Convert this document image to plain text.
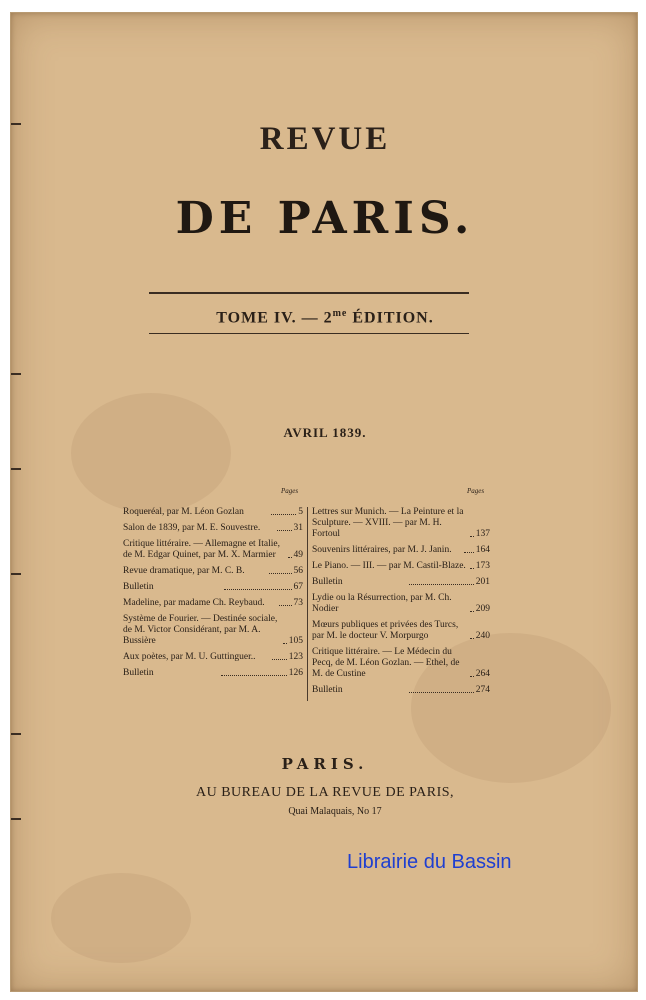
REVUE
DE PARIS.
TOME IV. — $2^{me}$ ÉDITION.
AVRIL 1839.
Pages	Pages
Roqueréal, par M. Léon Gozlan	5
Salon de 1839, par M. E. Souvestre.	31
Critique littéraire. — Allemagne et Italie, de M. Edgar Quinet, par M. X. Marmier	49
Revue dramatique, par M. C. B.	56
Bulletin	67
Madeline, par madame Ch. Reybaud.	73
Système de Fourier. — Destinée sociale, de M. Victor Considérant, par M. A. Bussière	105
Aux poètes, par M. U. Guttinguer..	123
Bulletin	126
Lettres sur Munich. — La Peinture et la Sculpture. — XVIII. — par M. H. Fortoul	137
Souvenirs littéraires, par M. J. Janin.	164
Le Piano. — III. — par M. Castil-Blaze. 173
Bulletin	201
Lydie ou la Résurrection, par M. Ch. Nodier	209
Mœurs publiques et privées des Turcs, par M. le docteur V. Morpurgo	240
Critique littéraire. — Le Médecin du Pecq, de M. Léon Gozlan. — Ethel, de M. de Custine	264
Bulletin	274
PARIS.
AU BUREAU DE LA REVUE DE PARIS,
Quai Malaquais, No 17
Librairie du Bassin
